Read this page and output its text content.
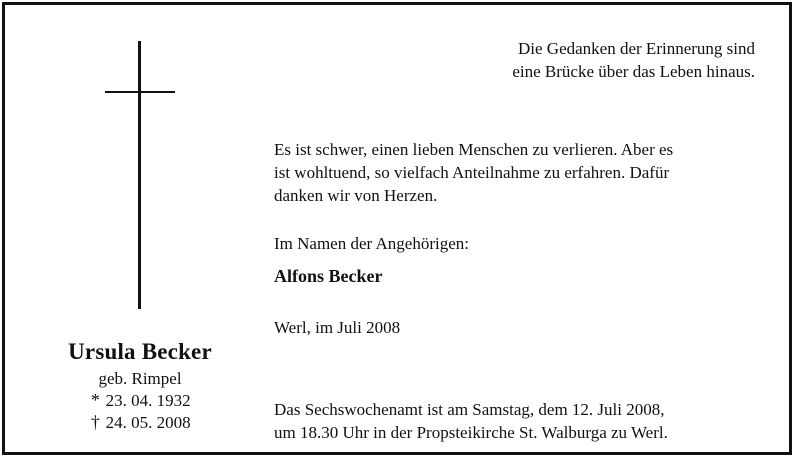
Die Gedanken der Erinnerung sind
eine Brücke über das Leben hinaus.
Es ist schwer, einen lieben Menschen zu verlieren. Aber es
ist wohltuend, so vielfach Anteilnahme zu erfahren. Dafür
danken wir von Herzen.
Im Namen der Angehörigen:
Alfons Becker
Werl, im Juli 2008
Das Sechswochenamt ist am Samstag, dem 12. Juli 2008,
um 18.30 Uhr in der Propsteikirche St. Walburga zu Werl.
Ursula Becker
geb. Rimpel
* 23. 04. 1932
† 24. 05. 2008
